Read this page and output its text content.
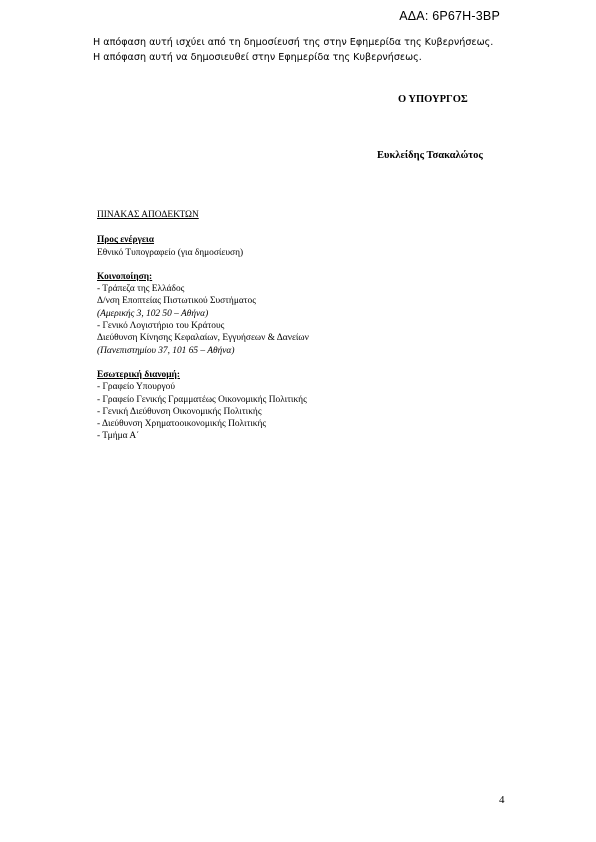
ΑΔΑ: 6Ρ67Η-3ΒΡ

Η απόφαση αυτή ισχύει από τη δημοσίευσή της στην Εφημερίδα της Κυβερνήσεως.

Η απόφαση αυτή να δημοσιευθεί στην Εφημερίδα της Κυβερνήσεως.

Ο ΥΠΟΥΡΓΟΣ
Ευκλείδης Τσακαλώτος
ΠΙΝΑΚΑΣ ΑΠΟΔΕΚΤΩΝ
Προς ενέργεια
Εθνικό Τυπογραφείο (για δημοσίευση)
Κοινοποίηση:
- Τράπεζα της Ελλάδος
Δ/νση Εποπτείας Πιστωτικού Συστήματος
(Αμερικής 3, 102 50 – Αθήνα)
- Γενικό Λογιστήριο του Κράτους
Διεύθυνση Κίνησης Κεφαλαίων, Εγγυήσεων & Δανείων
(Πανεπιστημίου 37, 101 65 – Αθήνα)
Εσωτερική διανομή:
- Γραφείο Υπουργού
- Γραφείο Γενικής Γραμματέως Οικονομικής Πολιτικής
- Γενική Διεύθυνση Οικονομικής Πολιτικής
- Διεύθυνση Χρηματοοικονομικής Πολιτικής
- Τμήμα Α΄
4
